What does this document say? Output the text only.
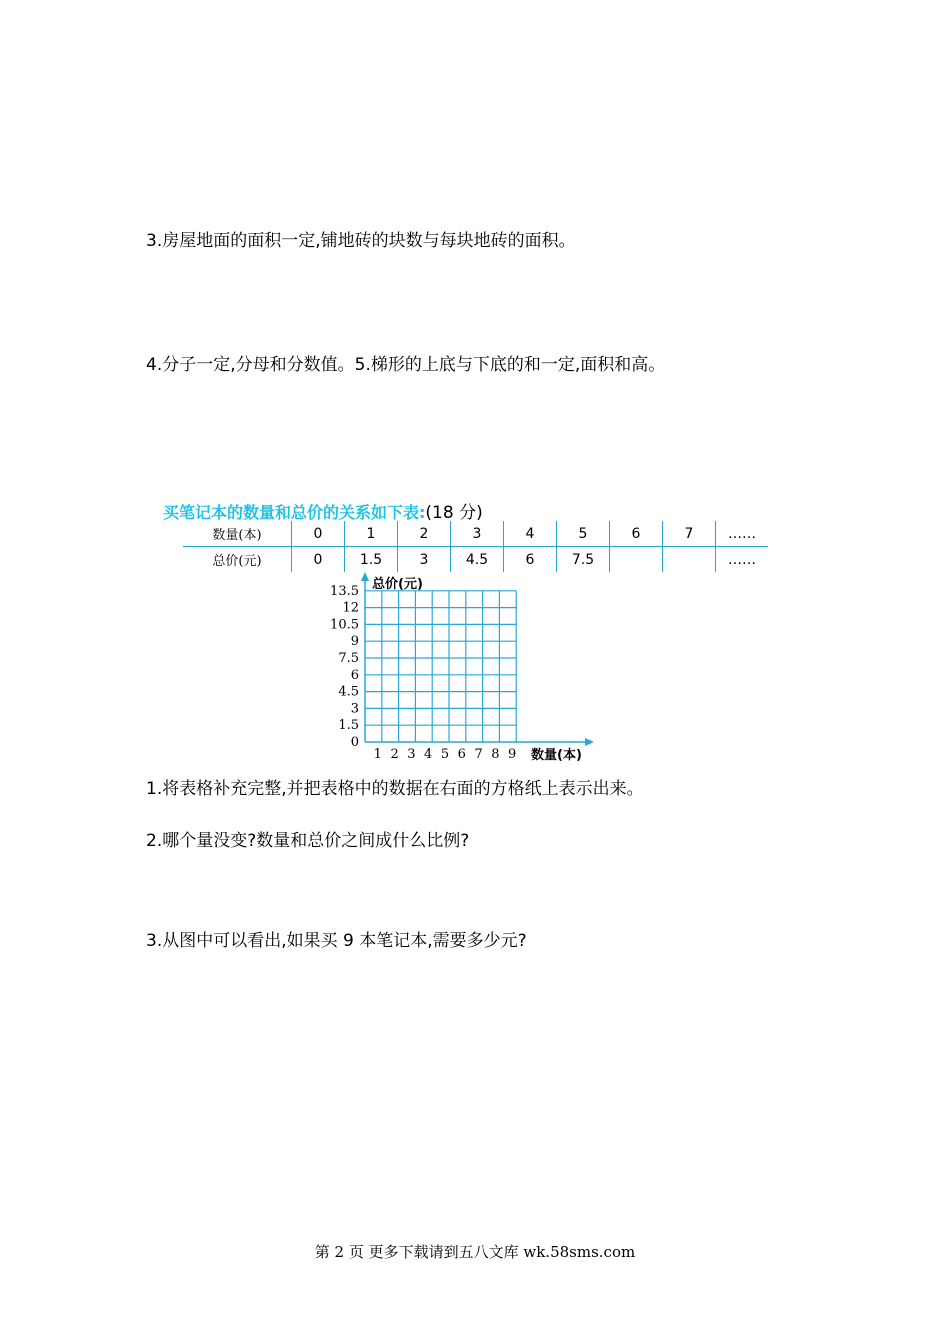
3.房屋地面的面积一定,铺地砖的块数与每块地砖的面积。
4.分子一定,分母和分数值。5.梯形的上底与下底的和一定,面积和高。
买笔记本的数量和总价的关系如下表:(18 分)
数量(本)	0	1	2	3	4	5	6	7	……
总价(元)	0	1.5	3	4.5	6	7.5			……
0
1.5
3
4.5
6
7.5
9
10.5
12
13.5
1 2 3 4 5 6 7 8 9
总价(元)
数量(本)
1.将表格补充完整,并把表格中的数据在右面的方格纸上表示出来。
2.哪个量没变?数量和总价之间成什么比例?
3.从图中可以看出,如果买 9 本笔记本,需要多少元?
第 2 页 更多下载请到五八文库 wk.58sms.com
